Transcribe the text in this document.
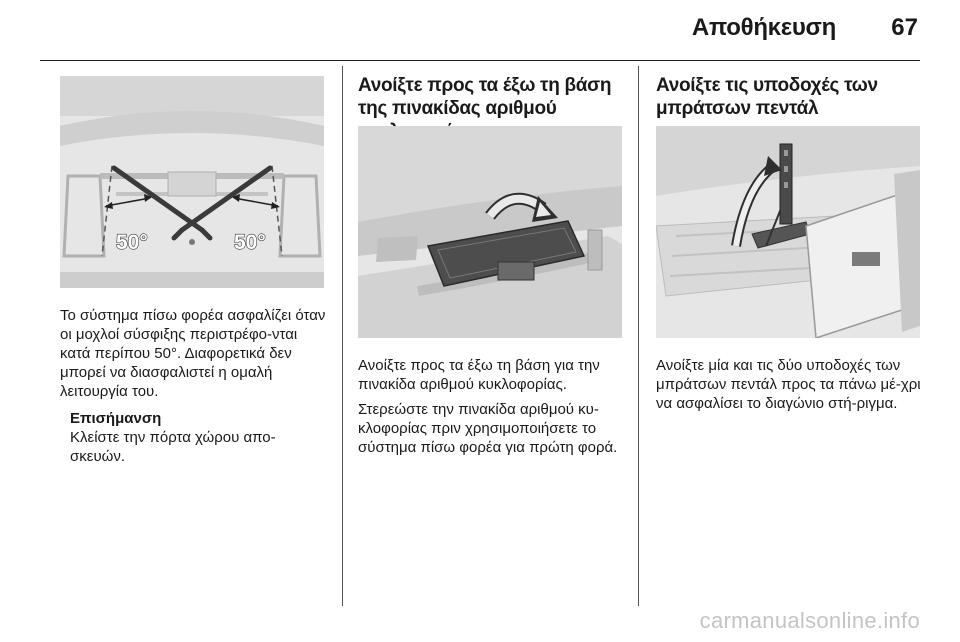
Αποθήκευση 67
50°	50°

Το σύστημα πίσω φορέα ασφαλίζει όταν οι μοχλοί σύσφιξης περιστρέφο-νται κατά περίπου 50°. Διαφορετικά δεν μπορεί να διασφαλιστεί η ομαλή λειτουργία του.

Επισήμανση
Κλείστε την πόρτα χώρου απο-σκευών.
Ανοίξτε προς τα έξω τη βάση της πινακίδας αριθμού

Ανοίξτε προς τα έξω τη βάση για την πινακίδα αριθμού κυκλοφορίας.

Στερεώστε την πινακίδα αριθμού κυ-κλοφορίας πριν χρησιμοποιήσετε το σύστημα πίσω φορέα για πρώτη φορά.

Ανοίξτε τις υποδοχές των μπράτσων πεντάλ

Ανοίξτε μία και τις δύο υποδοχές των μπράτσων πεντάλ προς τα πάνω μέ-χρι να ασφαλίσει το διαγώνιο στή-ριγμα.

carmanualsonline.info
